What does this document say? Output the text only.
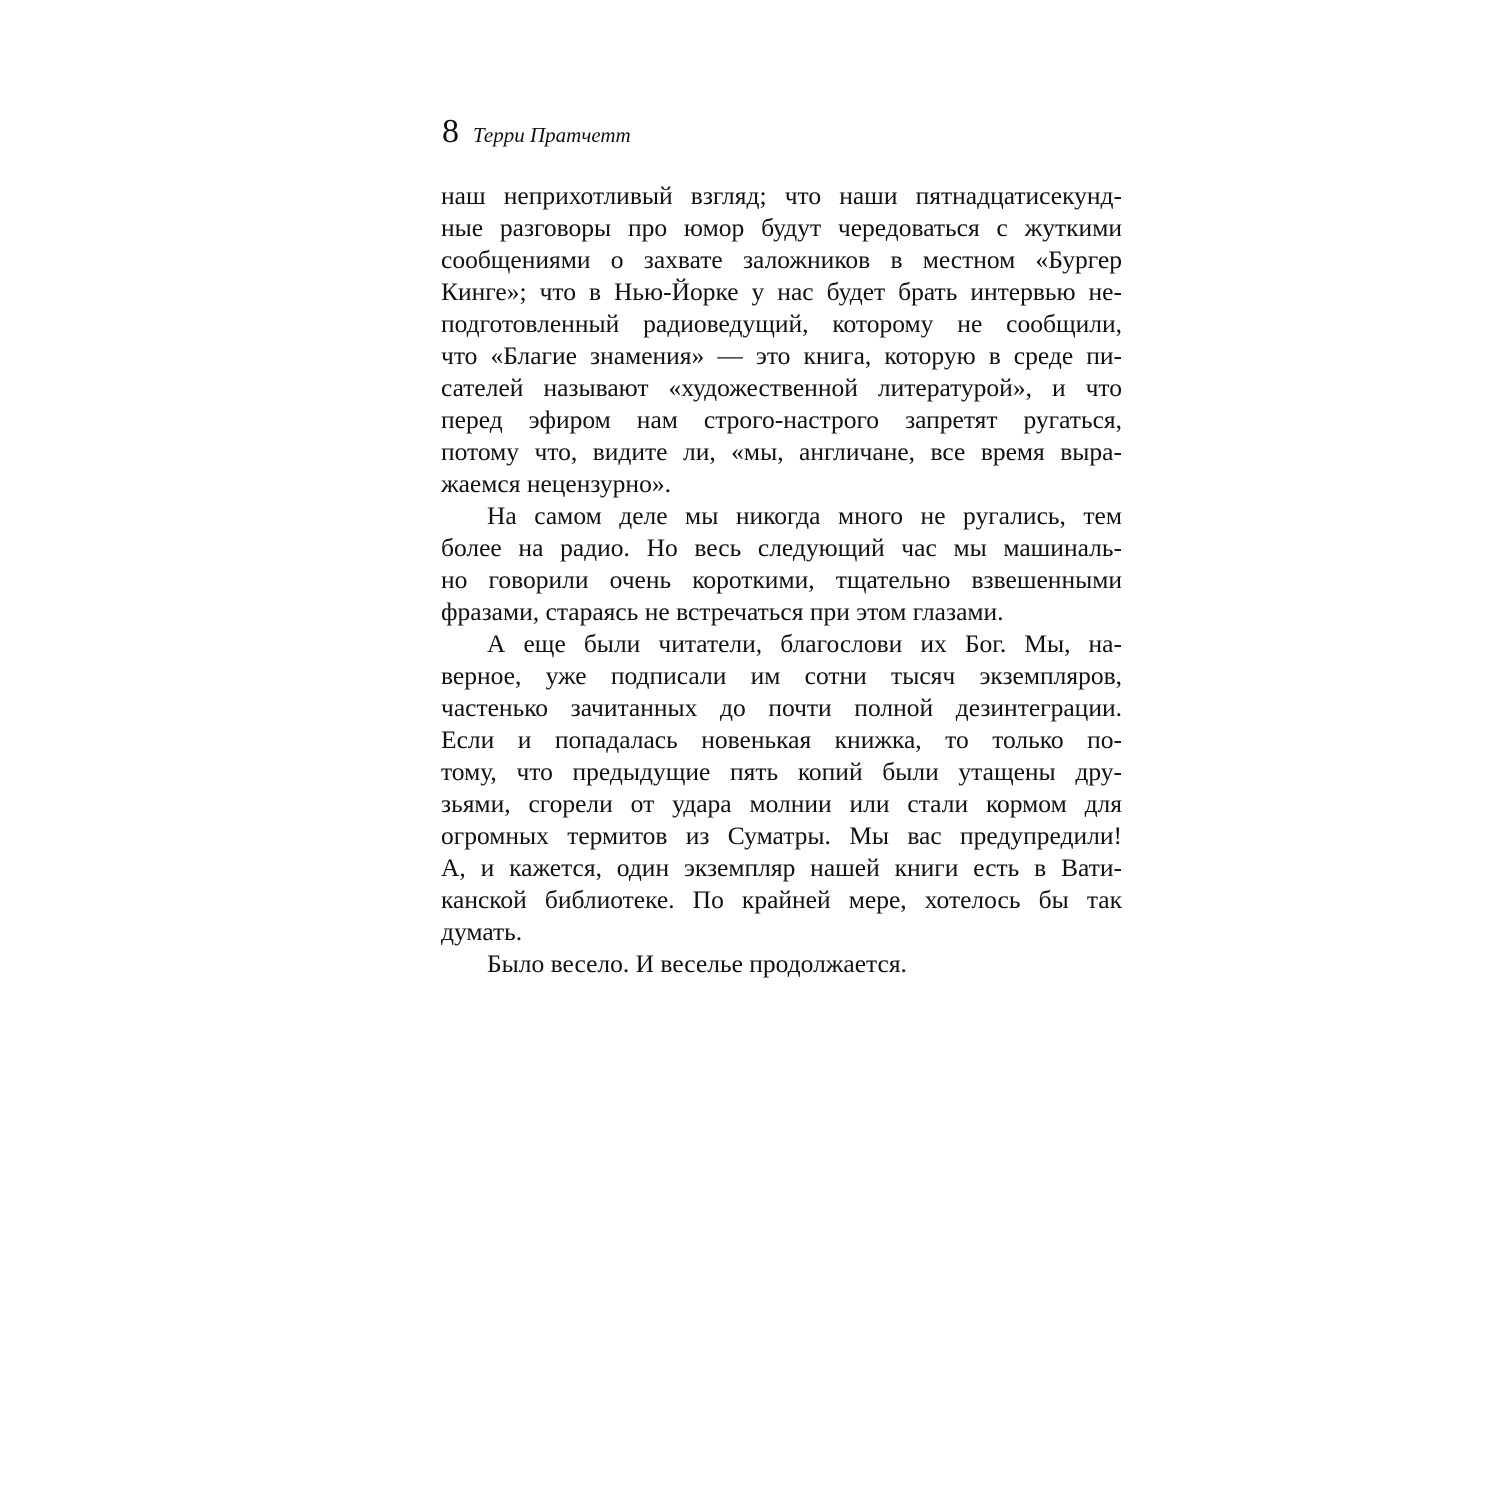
8 Терри Пратчетт
наш неприхотливый взгляд; что наши пятнадцатисекунд-
ные разговоры про юмор будут чередоваться с жуткими
сообщениями о захвате заложников в местном «Бургер
Кинге»; что в Нью-Йорке у нас будет брать интервью не-
подготовленный радиоведущий, которому не сообщили,
что «Благие знамения» — это книга, которую в среде пи-
сателей называют «художественной литературой», и что
перед эфиром нам строго-настрого запретят ругаться,
потому что, видите ли, «мы, англичане, все время выра-
жаемся нецензурно».
На самом деле мы никогда много не ругались, тем
более на радио. Но весь следующий час мы машиналь-
но говорили очень короткими, тщательно взвешенными
фразами, стараясь не встречаться при этом глазами.
А еще были читатели, благослови их Бог. Мы, на-
верное, уже подписали им сотни тысяч экземпляров,
частенько зачитанных до почти полной дезинтеграции.
Если и попадалась новенькая книжка, то только по-
тому, что предыдущие пять копий были утащены дру-
зьями, сгорели от удара молнии или стали кормом для
огромных термитов из Суматры. Мы вас предупредили!
А, и кажется, один экземпляр нашей книги есть в Вати-
канской библиотеке. По крайней мере, хотелось бы так
думать.
Было весело. И веселье продолжается.
